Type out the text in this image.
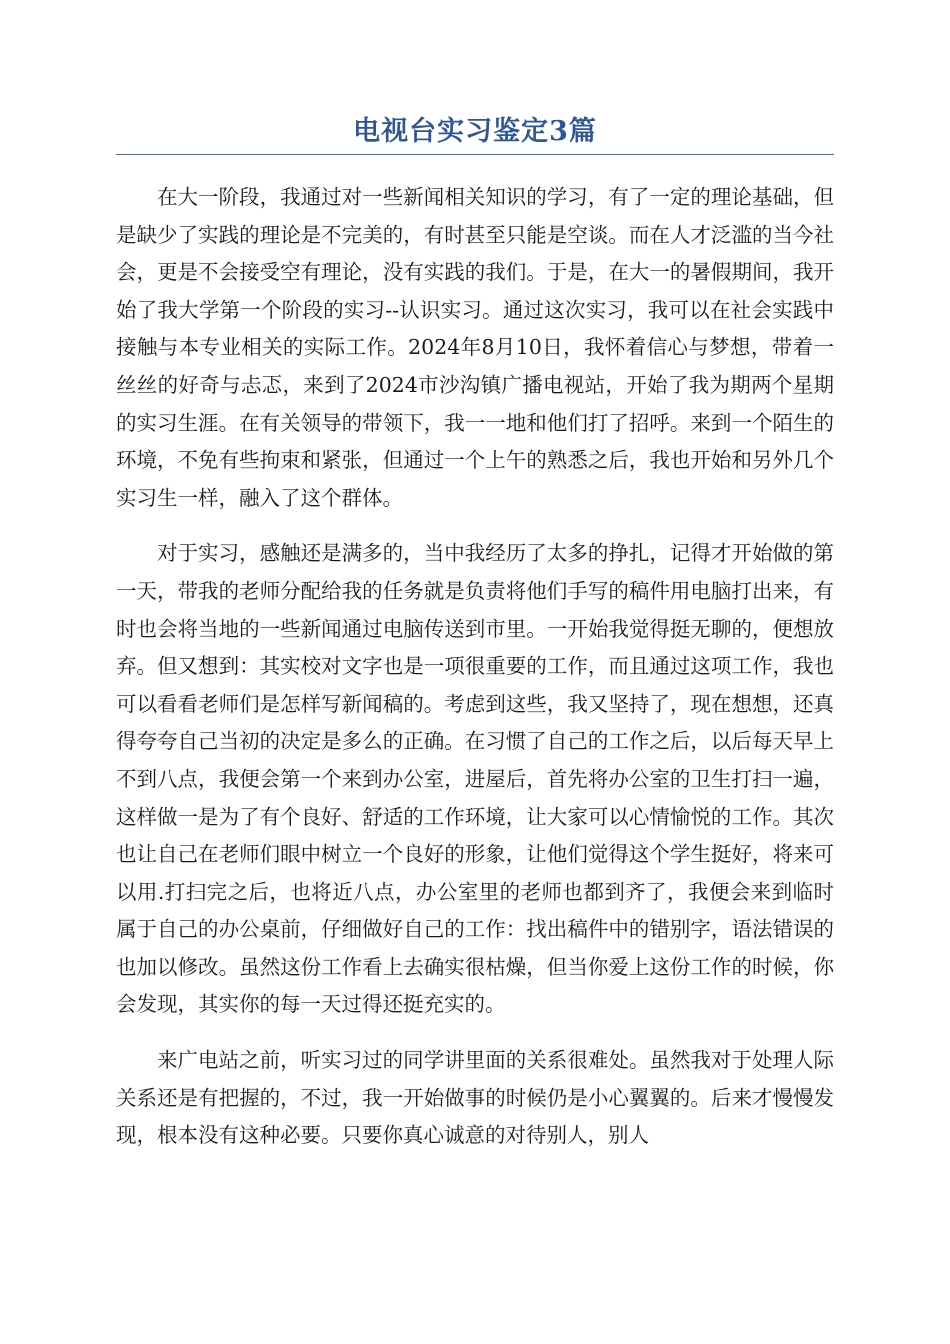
电视台实习鉴定3篇

在大一阶段，我通过对一些新闻相关知识的学习，有了一定的理论基础，但是缺少了实践的理论是不完美的，有时甚至只能是空谈。而在人才泛滥的当今社会，更是不会接受空有理论，没有实践的我们。于是，在大一的暑假期间，我开始了我大学第一个阶段的实习--认识实习。通过这次实习，我可以在社会实践中接触与本专业相关的实际工作。2024年8月10日，我怀着信心与梦想，带着一丝丝的好奇与忐忑，来到了2024市沙沟镇广播电视站，开始了我为期两个星期的实习生涯。在有关领导的带领下，我一一地和他们打了招呼。来到一个陌生的环境，不免有些拘束和紧张，但通过一个上午的熟悉之后，我也开始和另外几个实习生一样，融入了这个群体。

对于实习，感触还是满多的，当中我经历了太多的挣扎，记得才开始做的第一天，带我的老师分配给我的任务就是负责将他们手写的稿件用电脑打出来，有时也会将当地的一些新闻通过电脑传送到市里。一开始我觉得挺无聊的，便想放弃。但又想到：其实校对文字也是一项很重要的工作，而且通过这项工作，我也可以看看老师们是怎样写新闻稿的。考虑到这些，我又坚持了，现在想想，还真得夸夸自己当初的决定是多么的正确。在习惯了自己的工作之后，以后每天早上不到八点，我便会第一个来到办公室，进屋后，首先将办公室的卫生打扫一遍，这样做一是为了有个良好、舒适的工作环境，让大家可以心情愉悦的工作。其次也让自己在老师们眼中树立一个良好的形象，让他们觉得这个学生挺好，将来可以用.打扫完之后，也将近八点，办公室里的老师也都到齐了，我便会来到临时属于自己的办公桌前，仔细做好自己的工作：找出稿件中的错别字，语法错误的也加以修改。虽然这份工作看上去确实很枯燥，但当你爱上这份工作的时候，你会发现，其实你的每一天过得还挺充实的。

来广电站之前，听实习过的同学讲里面的关系很难处。虽然我对于处理人际关系还是有把握的，不过，我一开始做事的时候仍是小心翼翼的。后来才慢慢发现，根本没有这种必要。只要你真心诚意的对待别人，别人
